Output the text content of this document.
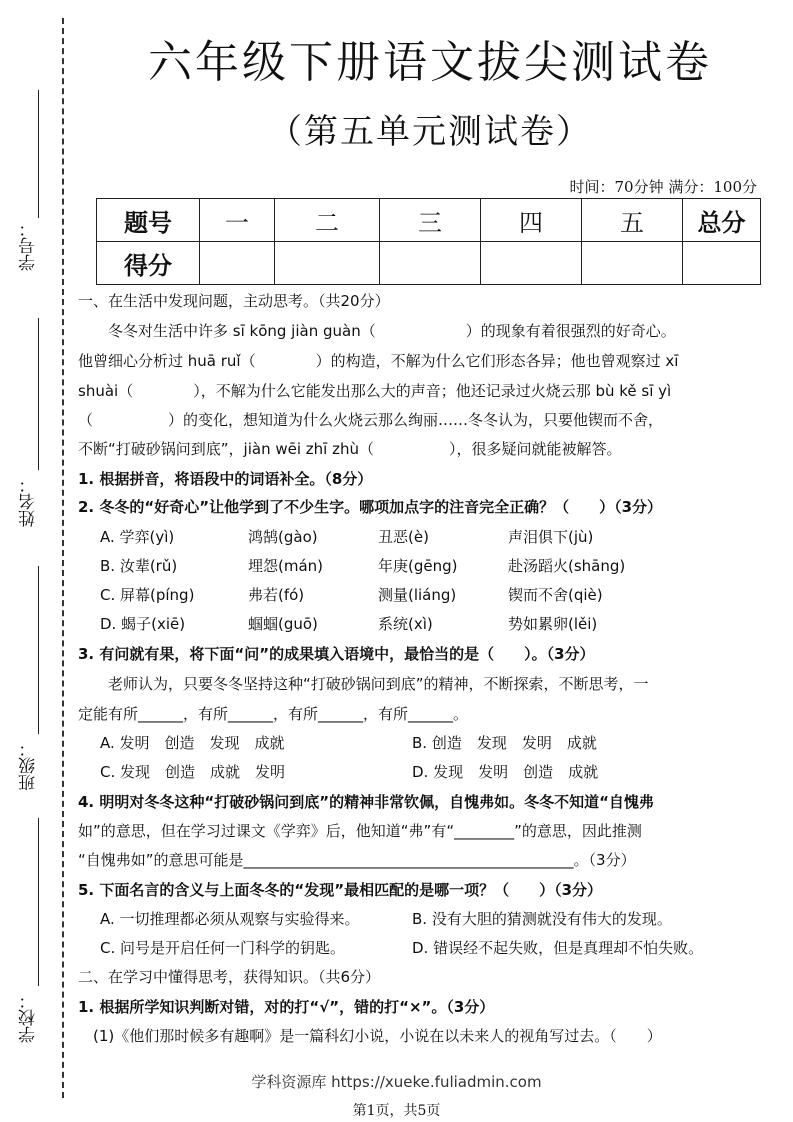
学号：
姓名：
班级：
学校：
六年级下册语文拔尖测试卷
（第五单元测试卷）
时间：70分钟 满分：100分
题号	一	二	三	四	五	总分
得分						
一、在生活中发现问题，主动思考。（共20分）
　　冬冬对生活中许多 sī kōng jiàn guàn（　　　　　　）的现象有着很强烈的好奇心。
他曾细心分析过 huā ruǐ（　　　　）的构造，不解为什么它们形态各异；他也曾观察过 xī
shuài（　　　　），不解为什么它能发出那么大的声音；他还记录过火烧云那 bù kě sī yì
（　　　　　）的变化，想知道为什么火烧云那么绚丽……冬冬认为，只要他锲而不舍，
不断“打破砂锅问到底”，jiàn wēi zhī zhù（　　　　　），很多疑问就能被解答。
1. 根据拼音，将语段中的词语补全。（8分）
2. 冬冬的“好奇心”让他学到了不少生字。哪项加点字的注音完全正确？（　　）（3分）
A. 学弈(yì)	鸿鹄(gào)	丑恶(è)	声泪俱下(jù)
B. 汝辈(rǔ)	埋怨(mán)	年庚(gēng)	赴汤蹈火(shāng)
C. 屏幕(píng)	弗若(fó)	测量(liáng)	锲而不舍(qiè)
D. 蝎子(xiē)	蝈蝈(guō)	系统(xì)	势如累卵(lěi)
3. 有问就有果，将下面“问”的成果填入语境中，最恰当的是（　　）。（3分）
　　老师认为，只要冬冬坚持这种“打破砂锅问到底”的精神，不断探索，不断思考，一
定能有所______，有所______，有所______，有所______。
A. 发明　创造　发现　成就	B. 创造　发现　发明　成就
C. 发现　创造　成就　发明	D. 发现　发明　创造　成就
4. 明明对冬冬这种“打破砂锅问到底”的精神非常钦佩，自愧弗如。冬冬不知道“自愧弗
如”的意思，但在学习过课文《学弈》后，他知道“弗”有“________”的意思，因此推测
“自愧弗如”的意思可能是____________________________________________。（3分）
5. 下面名言的含义与上面冬冬的“发现”最相匹配的是哪一项？（　　）（3分）
A. 一切推理都必须从观察与实验得来。	B. 没有大胆的猜测就没有伟大的发现。
C. 问号是开启任何一门科学的钥匙。	D. 错误经不起失败，但是真理却不怕失败。
二、在学习中懂得思考，获得知识。（共6分）
1. 根据所学知识判断对错，对的打“√”，错的打“×”。（3分）
　(1)《他们那时候多有趣啊》是一篇科幻小说，小说在以未来人的视角写过去。（　　）
学科资源库 https://xueke.fuliadmin.com
第1页，共5页
